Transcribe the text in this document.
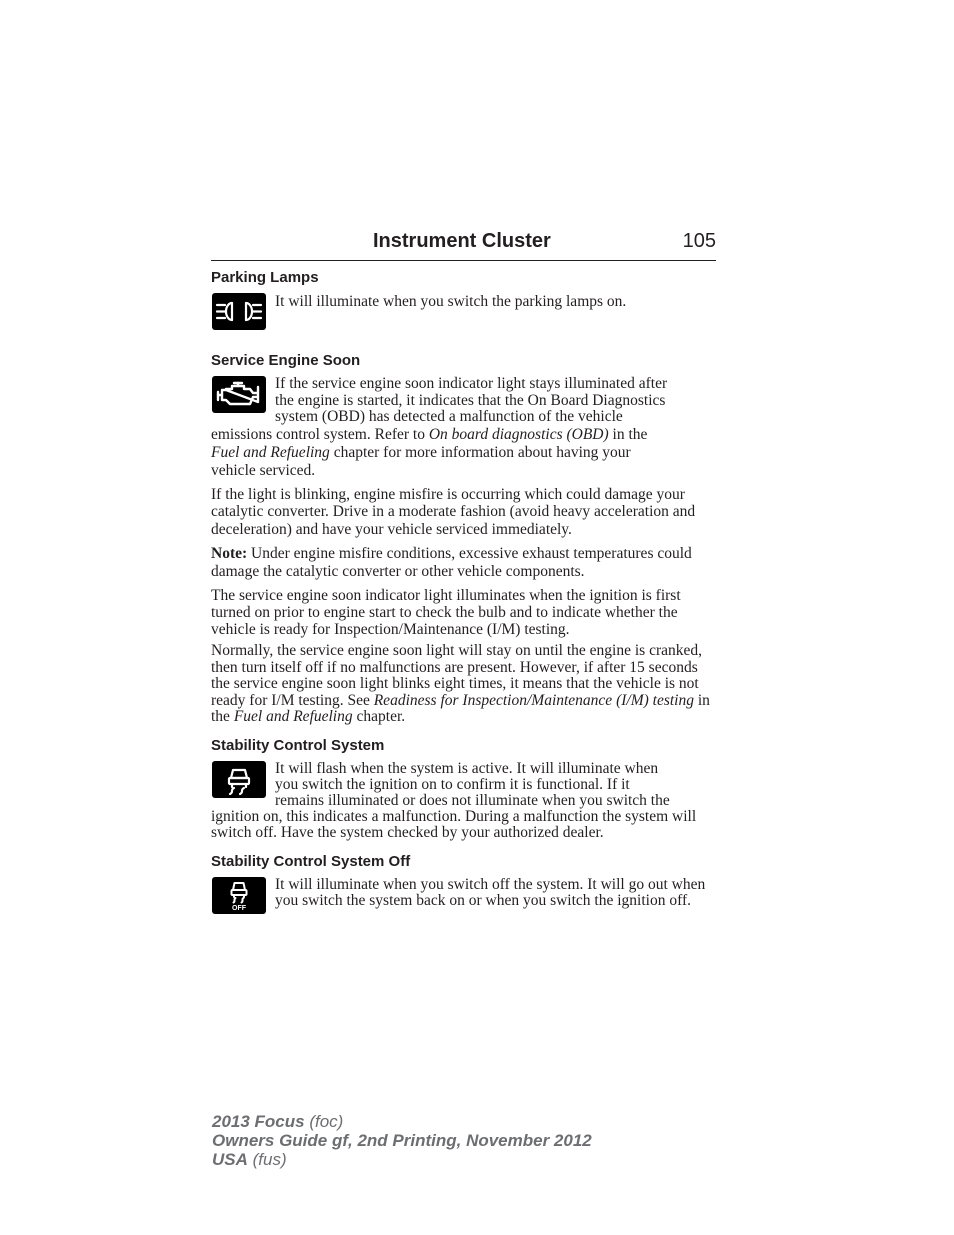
Instrument Cluster	105
Parking Lamps

It will illuminate when you switch the parking lamps on.

Service Engine Soon

If the service engine soon indicator light stays illuminated after

the engine is started, it indicates that the On Board Diagnostics

system (OBD) has detected a malfunction of the vehicle

emissions control system. Refer to On board diagnostics (OBD) in the

Fuel and Refueling chapter for more information about having your

vehicle serviced.

If the light is blinking, engine misfire is occurring which could damage your catalytic converter. Drive in a moderate fashion (avoid heavy acceleration and deceleration) and have your vehicle serviced immediately.

Note: Under engine misfire conditions, excessive exhaust temperatures could damage the catalytic converter or other vehicle components.

The service engine soon indicator light illuminates when the ignition is first turned on prior to engine start to check the bulb and to indicate whether the vehicle is ready for Inspection/Maintenance (I/M) testing.

Normally, the service engine soon light will stay on until the engine is cranked, then turn itself off if no malfunctions are present. However, if after 15 seconds the service engine soon light blinks eight times, it means that the vehicle is not ready for I/M testing. See Readiness for Inspection/Maintenance (I/M) testing in the Fuel and Refueling chapter.

Stability Control System

It will flash when the system is active. It will illuminate when

you switch the ignition on to confirm it is functional. If it

remains illuminated or does not illuminate when you switch the

ignition on, this indicates a malfunction. During a malfunction the system will switch off. Have the system checked by your authorized dealer.

Stability Control System Off
OFF

It will illuminate when you switch off the system. It will go out when you switch the system back on or when you switch the ignition off.

2013 Focus (foc)
Owners Guide gf, 2nd Printing, November 2012
USA (fus)
